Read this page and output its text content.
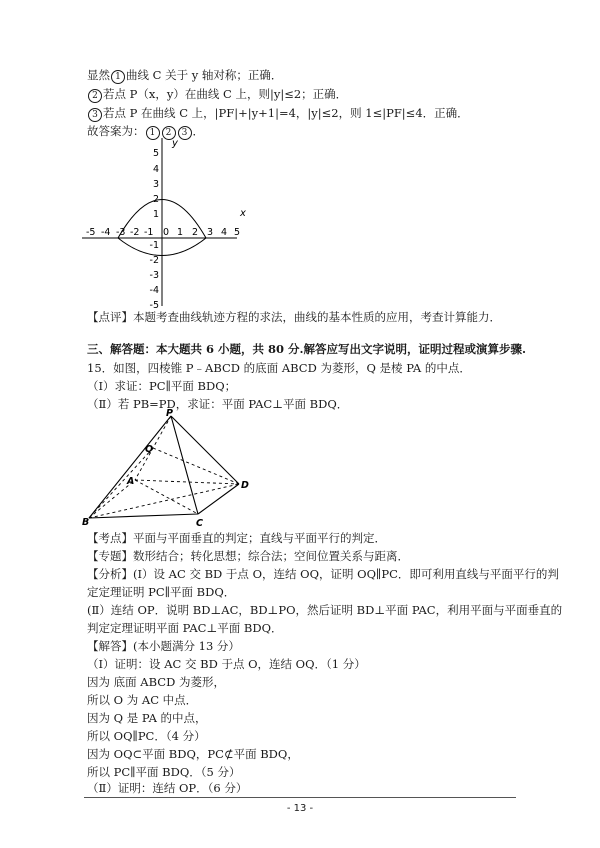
显然 1 曲线 C 关于 y 轴对称；正确．
2 若点 P（x，y）在曲线 C 上，则|y|≤2；正确．
3 若点 P 在曲线 C 上，|PF|+|y+1|=4，|y|≤2，则 1≤|PF|≤4．正确．
故答案为： 1 2 3 ．
x
y
-5 -4 -3 -2 -1 0 1 2 3 4 5
5
4
3
2
1
-1
-2
-3
-4
-5
【点评】本题考查曲线轨迹方程的求法，曲线的基本性质的应用，考查计算能力．
三、解答题：本大题共 6 小题，共 80 分.解答应写出文字说明，证明过程或演算步骤.
15．如图，四棱锥 P﹣ABCD 的底面 ABCD 为菱形，Q 是棱 PA 的中点．
（Ⅰ）求证：PC∥平面 BDQ；
（Ⅱ）若 PB=PD，求证：平面 PAC⊥平面 BDQ．
P
Q
A
B	C
D
【考点】平面与平面垂直的判定；直线与平面平行的判定．
【专题】数形结合；转化思想；综合法；空间位置关系与距离．
【分析】(Ⅰ）设 AC 交 BD 于点 O，连结 OQ，证明 OQ∥PC．即可利用直线与平面平行的判
定定理证明 PC∥平面 BDQ．
(Ⅱ）连结 OP．说明 BD⊥AC，BD⊥PO，然后证明 BD⊥平面 PAC，利用平面与平面垂直的
判定定理证明平面 PAC⊥平面 BDQ．
【解答】(本小题满分 13 分）
（Ⅰ）证明：设 AC 交 BD 于点 O，连结 OQ．（1 分）
因为 底面 ABCD 为菱形，
所以 O 为 AC 中点．
因为 Q 是 PA 的中点，
所以 OQ∥PC．（4 分）
因为 OQ⊂平面 BDQ，PC⊄平面 BDQ，
所以 PC∥平面 BDQ．（5 分）
（Ⅱ）证明：连结 OP．（6 分）
- 13 -
